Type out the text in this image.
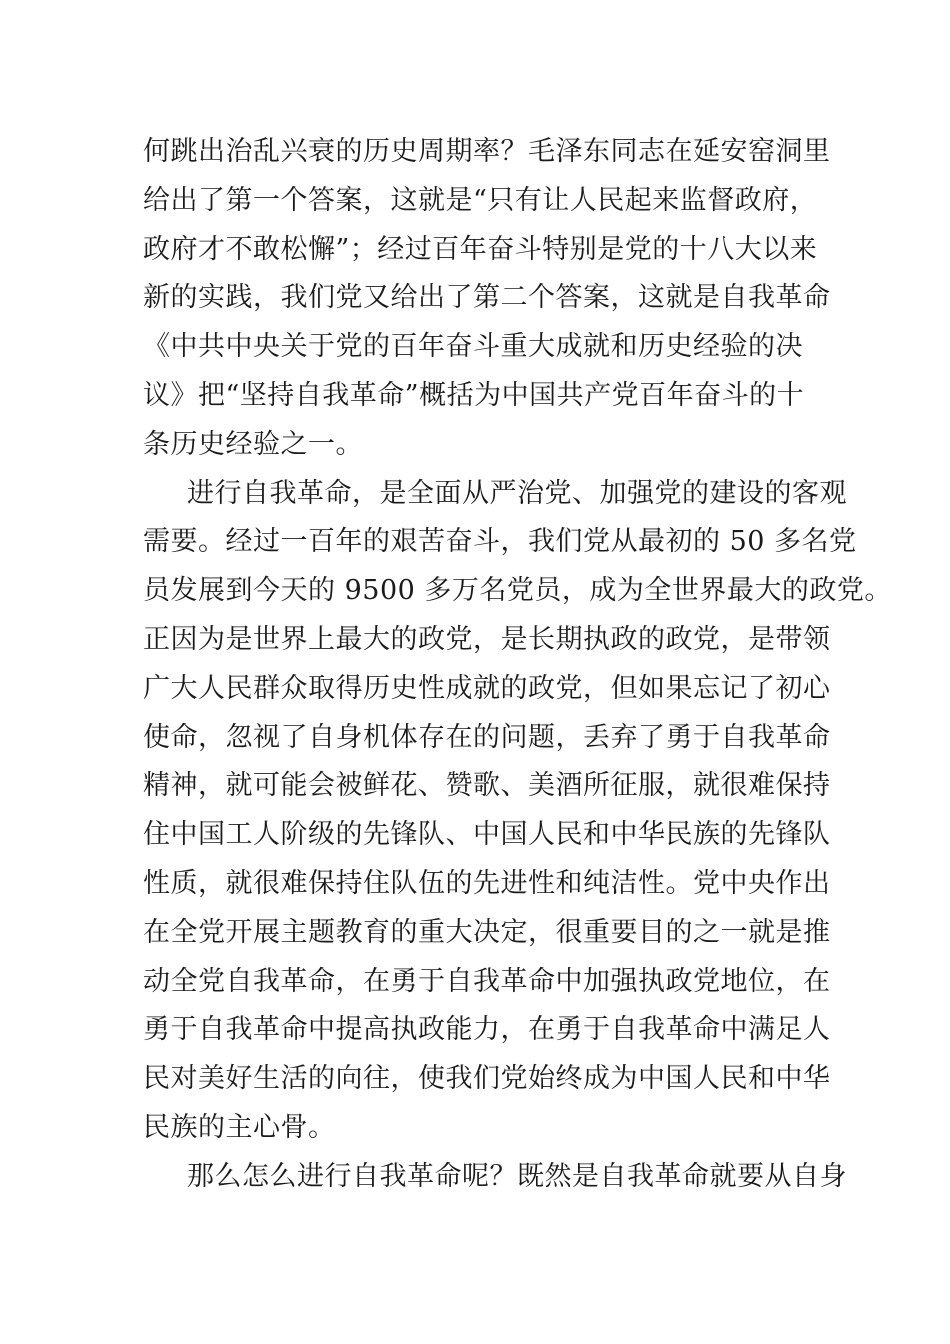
何跳出治乱兴衰的历史周期率？毛泽东同志在延安窑洞里
给出了第一个答案，这就是“只有让人民起来监督政府，
政府才不敢松懈”；经过百年奋斗特别是党的十八大以来
新的实践，我们党又给出了第二个答案，这就是自我革命
《中共中央关于党的百年奋斗重大成就和历史经验的决
议》把“坚持自我革命”概括为中国共产党百年奋斗的十
条历史经验之一。
进行自我革命，是全面从严治党、加强党的建设的客观
需要。经过一百年的艰苦奋斗，我们党从最初的 50 多名党
员发展到今天的 9500 多万名党员，成为全世界最大的政党。
正因为是世界上最大的政党，是长期执政的政党，是带领
广大人民群众取得历史性成就的政党，但如果忘记了初心
使命，忽视了自身机体存在的问题，丢弃了勇于自我革命
精神，就可能会被鲜花、赞歌、美酒所征服，就很难保持
住中国工人阶级的先锋队、中国人民和中华民族的先锋队
性质，就很难保持住队伍的先进性和纯洁性。党中央作出
在全党开展主题教育的重大决定，很重要目的之一就是推
动全党自我革命，在勇于自我革命中加强执政党地位，在
勇于自我革命中提高执政能力，在勇于自我革命中满足人
民对美好生活的向往，使我们党始终成为中国人民和中华
民族的主心骨。
那么怎么进行自我革命呢？既然是自我革命就要从自身
